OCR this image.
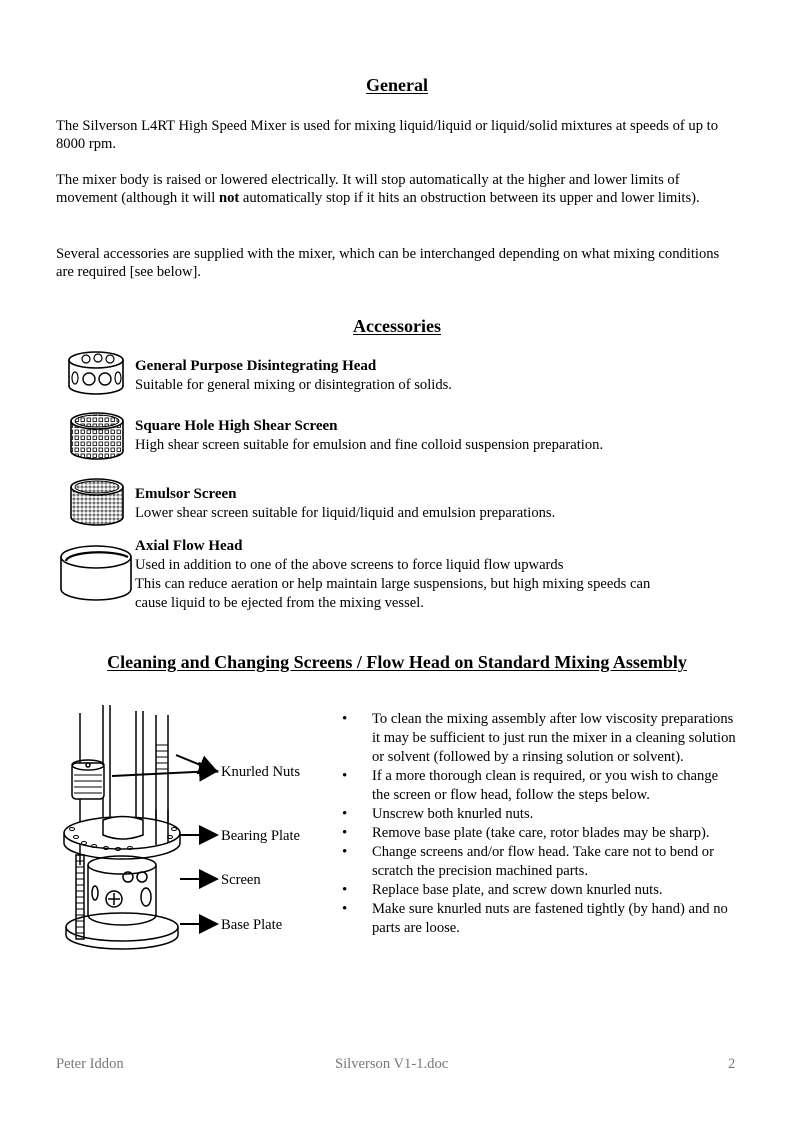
General
The Silverson L4RT High Speed Mixer is used for mixing liquid/liquid or liquid/solid mixtures at speeds of up to 8000 rpm.
The mixer body is raised or lowered electrically. It will stop automatically at the higher and lower limits of movement (although it will not automatically stop if it hits an obstruction between its upper and lower limits).
Several accessories are supplied with the mixer, which can be interchanged depending on what mixing conditions are required [see below].
Accessories
General Purpose Disintegrating Head
Suitable for general mixing or disintegration of solids.
Square Hole High Shear Screen
High shear screen suitable for emulsion and fine colloid suspension preparation.
Emulsor Screen
Lower shear screen suitable for liquid/liquid and emulsion preparations.
Axial Flow Head
Used in addition to one of the above screens to force liquid flow upwards
This can reduce aeration or help maintain large suspensions, but high mixing speeds can cause liquid to be ejected from the mixing vessel.
Cleaning and Changing Screens / Flow Head on Standard Mixing Assembly
Knurled Nuts
Bearing Plate
Screen
Base Plate
• To clean the mixing assembly after low viscosity preparations it may be sufficient to just run the mixer in a cleaning solution or solvent (followed by a rinsing solution or solvent).
• If a more thorough clean is required, or you wish to change the screen or flow head, follow the steps below.
• Unscrew both knurled nuts.
• Remove base plate (take care, rotor blades may be sharp).
• Change screens and/or flow head. Take care not to bend or scratch the precision machined parts.
• Replace base plate, and screw down knurled nuts.
• Make sure knurled nuts are fastened tightly (by hand) and no parts are loose.
Peter Iddon	Silverson V1-1.doc	2
